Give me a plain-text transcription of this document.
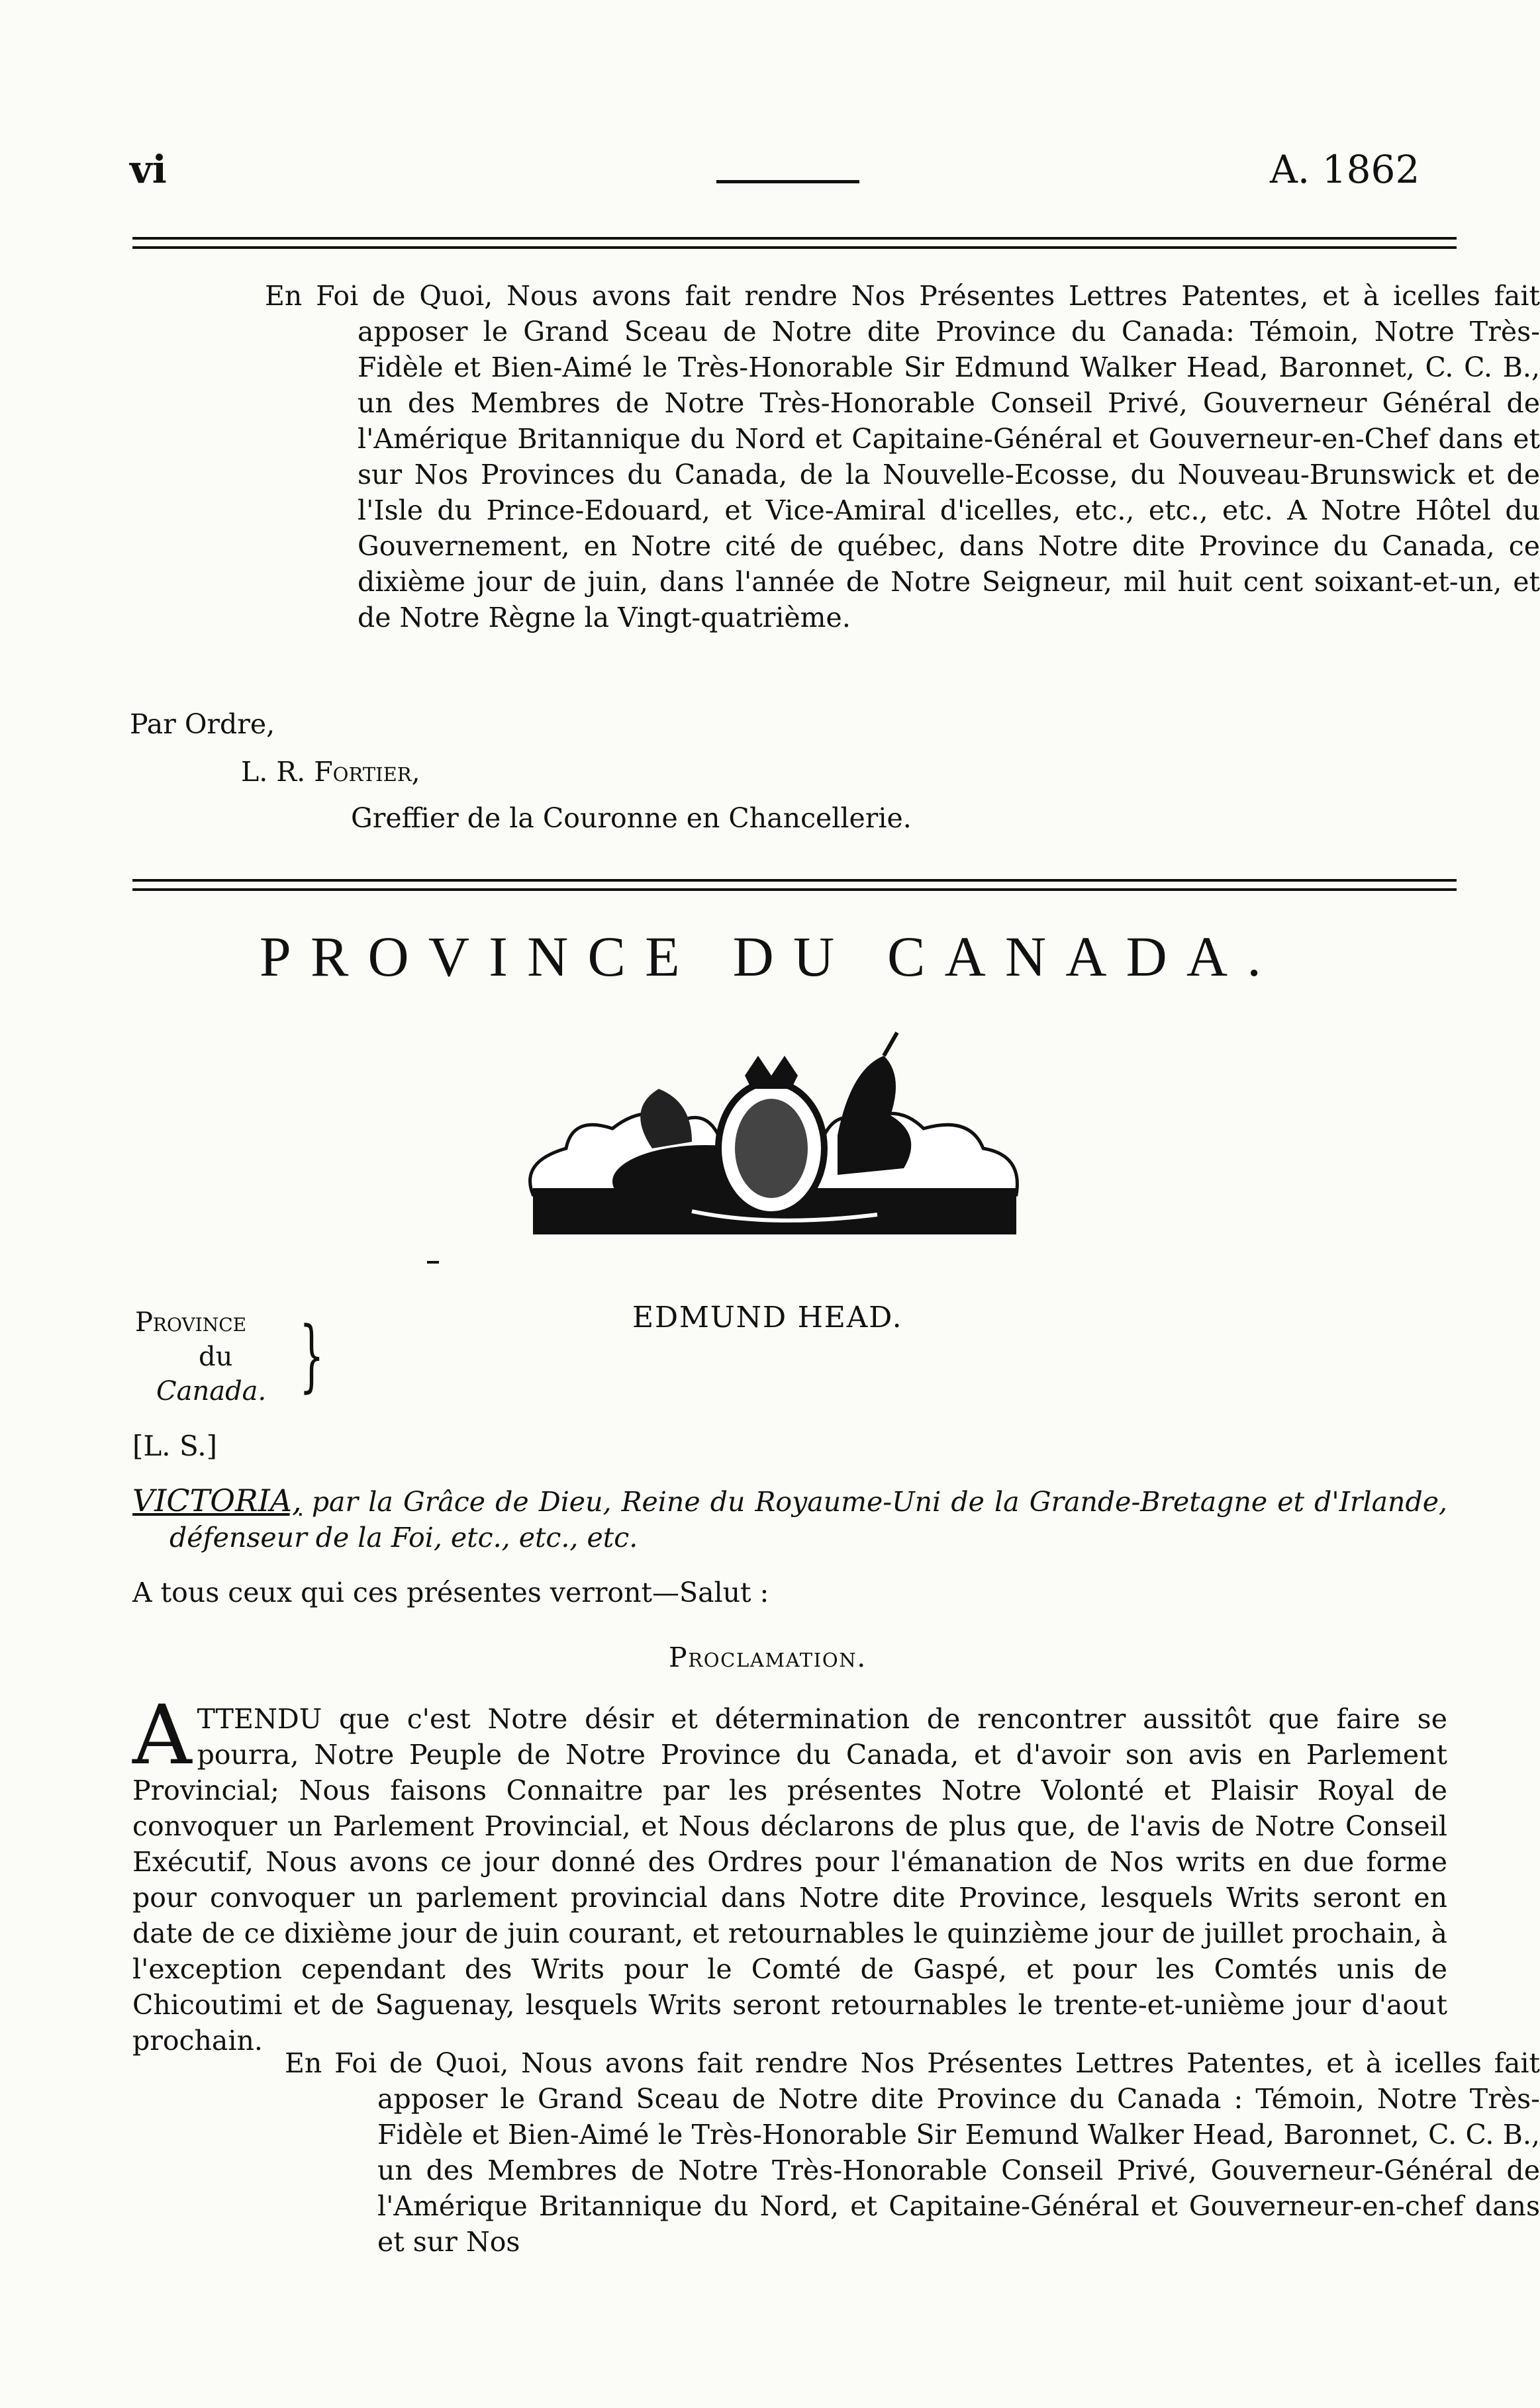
vi	A. 1862

En Foi de Quoi, Nous avons fait rendre Nos Présentes Lettres Patentes, et à icelles fait apposer le Grand Sceau de Notre dite Province du Canada: Témoin, Notre Très-Fidèle et Bien-Aimé le Très-Honorable Sir Edmund Walker Head, Baronnet, C. C. B., un des Membres de Notre Très-Honorable Conseil Privé, Gouverneur Général de l'Amérique Britannique du Nord et Capitaine-Général et Gouverneur-en-Chef dans et sur Nos Provinces du Canada, de la Nouvelle-Ecosse, du Nouveau-Brunswick et de l'Isle du Prince-Edouard, et Vice-Amiral d'icelles, etc., etc., etc. A Notre Hôtel du Gouvernement, en Notre cité de québec, dans Notre dite Province du Canada, ce dixième jour de juin, dans l'année de Notre Seigneur, mil huit cent soixant-et-un, et de Notre Règne la Vingt-quatrième.

Par Ordre,
L. R. Fortier,
Greffier de la Couronne en Chancellerie.
PROVINCE DU CANADA.
EDMUND HEAD.
Province
du
Canada. }
[L. S.]
VICTORIA, par la Grâce de Dieu, Reine du Royaume-Uni de la Grande-Bretagne et d'Irlande, défenseur de la Foi, etc., etc., etc.
A tous ceux qui ces présentes verront—Salut :
Proclamation.
A TTENDU que c'est Notre désir et détermination de rencontrer aussitôt que faire se pourra, Notre Peuple de Notre Province du Canada, et d'avoir son avis en Parlement Provincial; Nous faisons Connaitre par les présentes Notre Volonté et Plaisir Royal de convoquer un Parlement Provincial, et Nous déclarons de plus que, de l'avis de Notre Conseil Exécutif, Nous avons ce jour donné des Ordres pour l'émanation de Nos writs en due forme pour convoquer un parlement provincial dans Notre dite Province, lesquels Writs seront en date de ce dixième jour de juin courant, et retournables le quinzième jour de juillet prochain, à l'exception cependant des Writs pour le Comté de Gaspé, et pour les Comtés unis de Chicoutimi et de Saguenay, lesquels Writs seront retournables le trente-et-unième jour d'aout prochain.

En Foi de Quoi, Nous avons fait rendre Nos Présentes Lettres Patentes, et à icelles fait apposer le Grand Sceau de Notre dite Province du Canada : Témoin, Notre Très-Fidèle et Bien-Aimé le Très-Honorable Sir Eemund Walker Head, Baronnet, C. C. B., un des Membres de Notre Très-Honorable Conseil Privé, Gouverneur-Général de l'Amérique Britannique du Nord, et Capitaine-Général et Gouverneur-en-chef dans et sur Nos
